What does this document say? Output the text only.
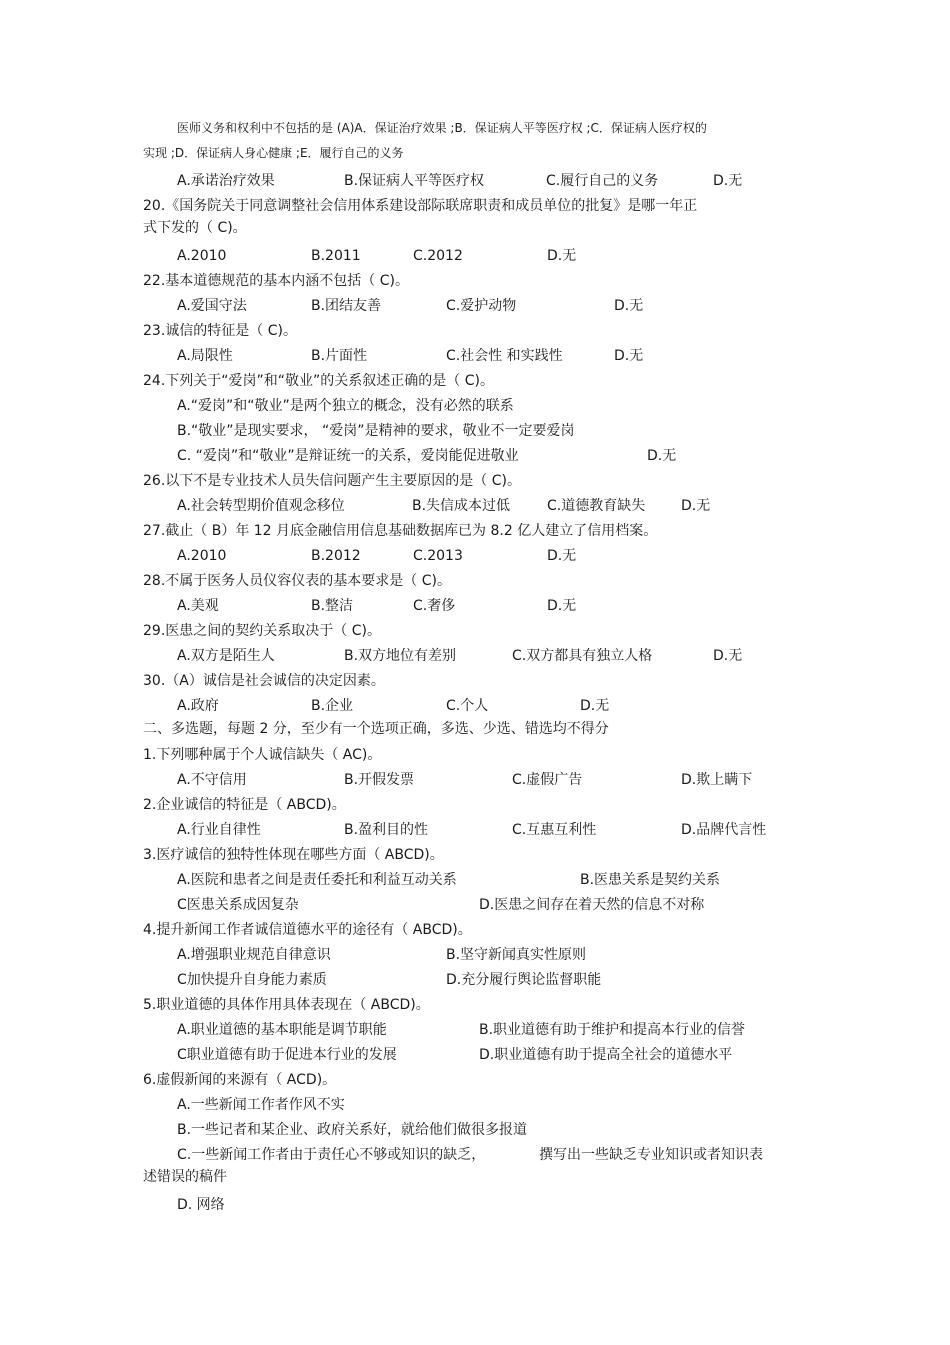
医师义务和权利中不包括的是 (A)A．保证治疗效果 ;B．保证病人平等医疗权 ;C．保证病人医疗权的
实现 ;D．保证病人身心健康 ;E．履行自己的义务
A.承诺治疗效果	B.保证病人平等医疗权	C.履行自己的义务	D.无
20.《国务院关于同意调整社会信用体系建设部际联席职责和成员单位的批复》是哪一年正
式下发的（ C)。
A.2010	B.2011	C.2012	D.无
22.基本道德规范的基本内涵不包括（ C)。
A.爱国守法	B.团结友善	C.爱护动物	D.无
23.诚信的特征是（ C)。
A.局限性	B.片面性	C.社会性 和实践性	D.无
24.下列关于“爱岗”和“敬业”的关系叙述正确的是（ C)。
A.“爱岗”和“敬业”是两个独立的概念，没有必然的联系
B.“敬业”是现实要求， “爱岗”是精神的要求，敬业不一定要爱岗
C. “爱岗”和“敬业”是辩证统一的关系，爱岗能促进敬业	D.无
26.以下不是专业技术人员失信问题产生主要原因的是（ C)。
A.社会转型期价值观念移位	B.失信成本过低	C.道德教育缺失	D.无
27.截止（ B）年 12 月底金融信用信息基础数据库已为 8.2 亿人建立了信用档案。
A.2010	B.2012	C.2013	D.无
28.不属于医务人员仪容仪表的基本要求是（ C)。
A.美观	B.整洁	C.奢侈	D.无
29.医患之间的契约关系取决于（ C)。
A.双方是陌生人	B.双方地位有差别	C.双方都具有独立人格	D.无
30.（A）诚信是社会诚信的决定因素。
A.政府	B.企业	C.个人	D.无
二、多选题，每题 2 分，至少有一个选项正确，多选、少选、错选均不得分
1.下列哪种属于个人诚信缺失（ AC)。
A.不守信用	B.开假发票	C.虚假广告	D.欺上瞒下
2.企业诚信的特征是（ ABCD)。
A.行业自律性	B.盈利目的性	C.互惠互利性	D.品牌代言性
3.医疗诚信的独特性体现在哪些方面（ ABCD)。
A.医院和患者之间是责任委托和利益互动关系	B.医患关系是契约关系
C医患关系成因复杂	D.医患之间存在着天然的信息不对称
4.提升新闻工作者诚信道德水平的途径有（ ABCD)。
A.增强职业规范自律意识	B.坚守新闻真实性原则
C加快提升自身能力素质	D.充分履行舆论监督职能
5.职业道德的具体作用具体表现在（ ABCD)。
A.职业道德的基本职能是调节职能	B.职业道德有助于维护和提高本行业的信誉
C职业道德有助于促进本行业的发展	D.职业道德有助于提高全社会的道德水平
6.虚假新闻的来源有（ ACD)。
A.一些新闻工作者作风不实
B.一些记者和某企业、政府关系好，就给他们做很多报道
C.一些新闻工作者由于责任心不够或知识的缺乏，	撰写出一些缺乏专业知识或者知识表
述错误的稿件
D. 网络
